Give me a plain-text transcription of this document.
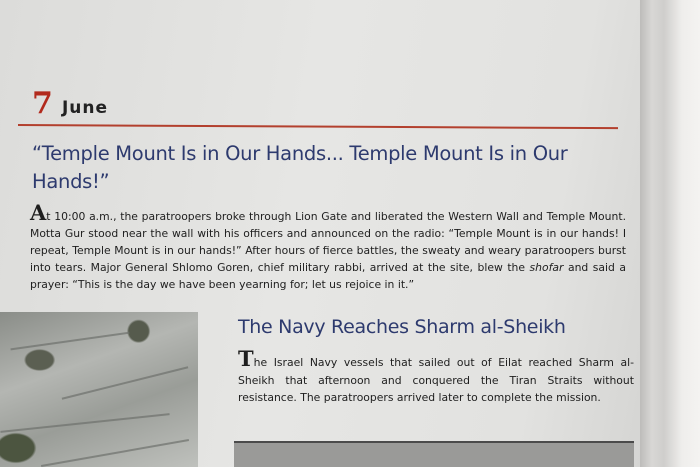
7 June
“Temple Mount Is in Our Hands... Temple Mount Is in Our Hands!”
At 10:00 a.m., the paratroopers broke through Lion Gate and liberated the Western Wall and Temple Mount. Motta Gur stood near the wall with his officers and announced on the radio: “Temple Mount is in our hands! I repeat, Temple Mount is in our hands!” After hours of fierce battles, the sweaty and weary paratroopers burst into tears. Major General Shlomo Goren, chief military rabbi, arrived at the site, blew the shofar and said a prayer: “This is the day we have been yearning for; let us rejoice in it.”
The Navy Reaches Sharm al-Sheikh
The Israel Navy vessels that sailed out of Eilat reached Sharm al-Sheikh that afternoon and conquered the Tiran Straits without resistance. The paratroopers arrived later to complete the mission.
